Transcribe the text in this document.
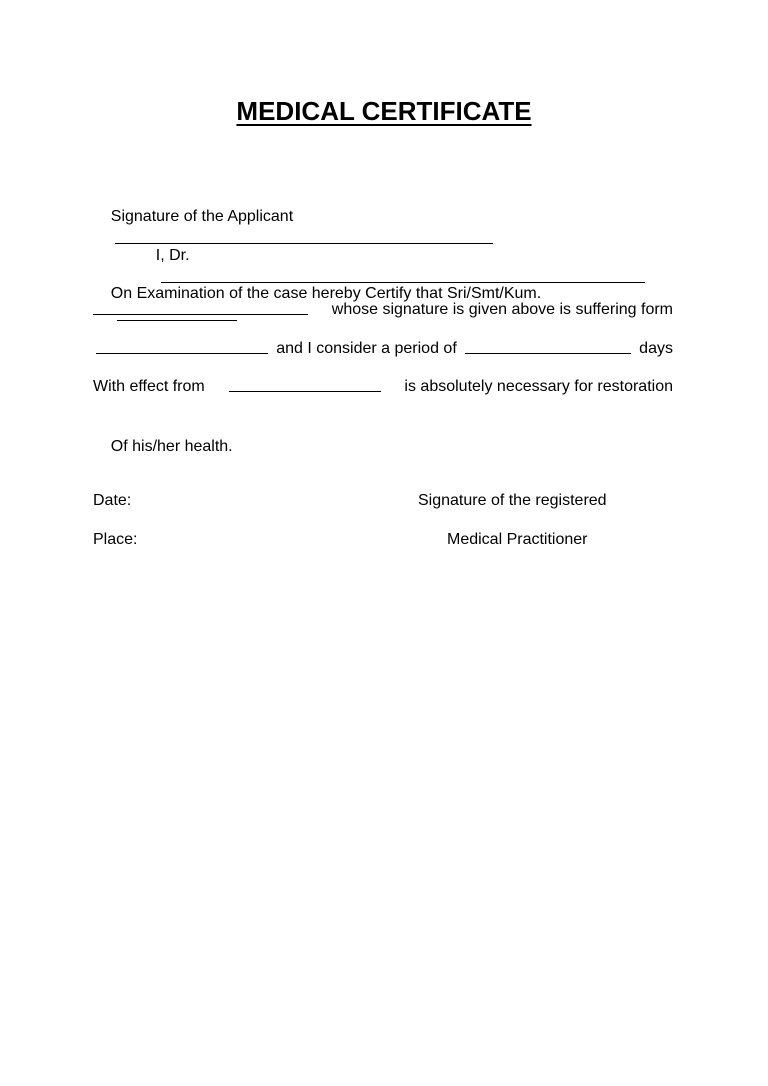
MEDICAL CERTIFICATE

Signature of the Applicant

I, Dr.

On Examination of the case hereby Certify that Sri/Smt/Kum.

whose signature is given above is suffering form
and I consider a period of	days
With effect from	is absolutely necessary for restoration

Of his/her health.

Date:
Place:
Signature of the registered
Medical Practitioner
